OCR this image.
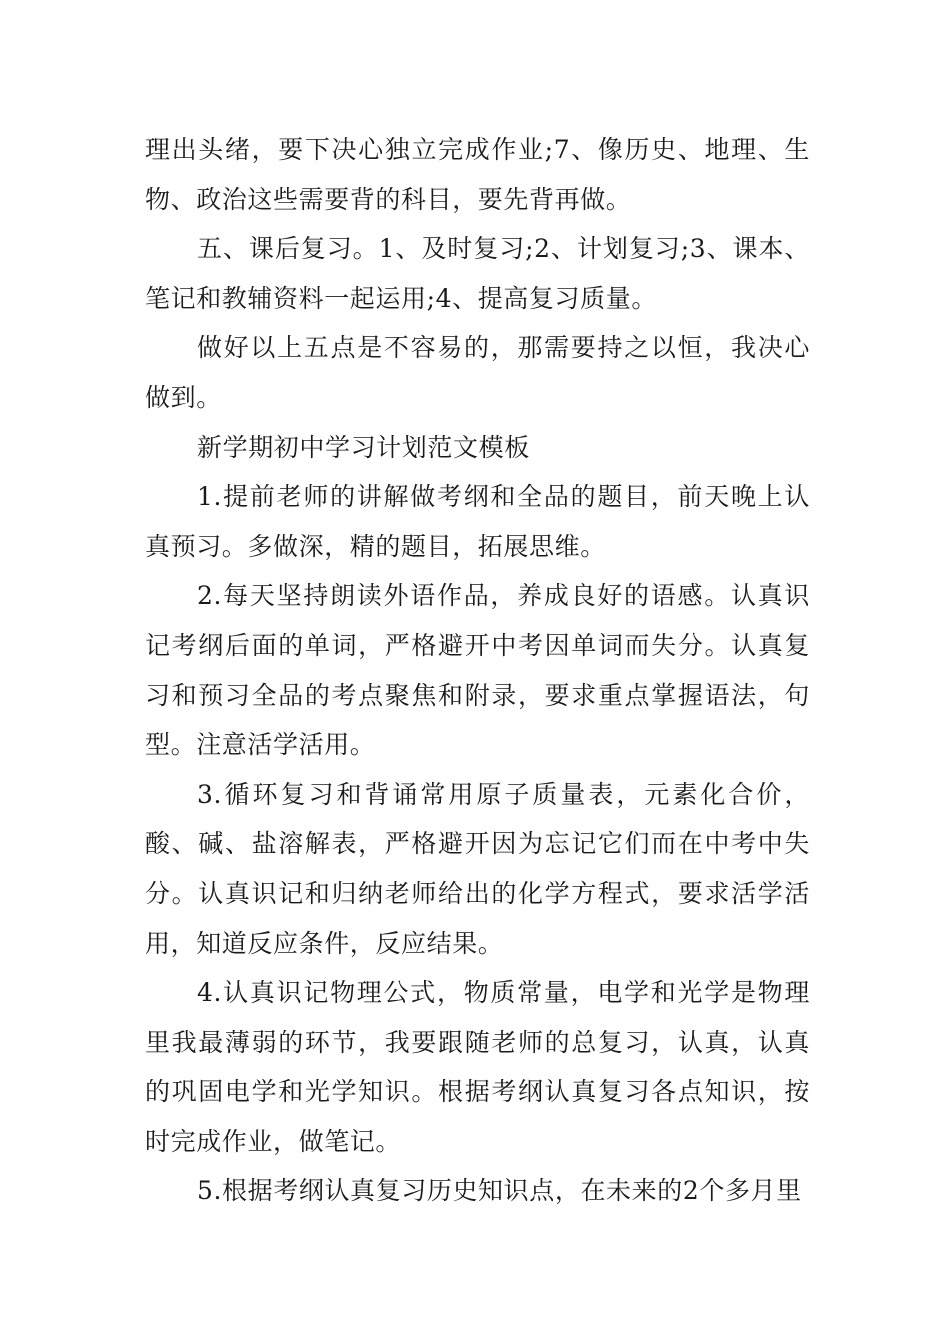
理出头绪，要下决心独立完成作业;7、像历史、地理、生物、政治这些需要背的科目，要先背再做。

五、课后复习。1、及时复习;2、计划复习;3、课本、笔记和教辅资料一起运用;4、提高复习质量。

做好以上五点是不容易的，那需要持之以恒，我决心做到。

新学期初中学习计划范文模板

1.提前老师的讲解做考纲和全品的题目，前天晚上认真预习。多做深，精的题目，拓展思维。

2.每天坚持朗读外语作品，养成良好的语感。认真识记考纲后面的单词，严格避开中考因单词而失分。认真复习和预习全品的考点聚焦和附录，要求重点掌握语法，句型。注意活学活用。

3.循环复习和背诵常用原子质量表，元素化合价，酸、碱、盐溶解表，严格避开因为忘记它们而在中考中失分。认真识记和归纳老师给出的化学方程式，要求活学活用，知道反应条件，反应结果。

4.认真识记物理公式，物质常量，电学和光学是物理里我最薄弱的环节，我要跟随老师的总复习，认真，认真的巩固电学和光学知识。根据考纲认真复习各点知识，按时完成作业，做笔记。

5.根据考纲认真复习历史知识点，在未来的2个多月里
